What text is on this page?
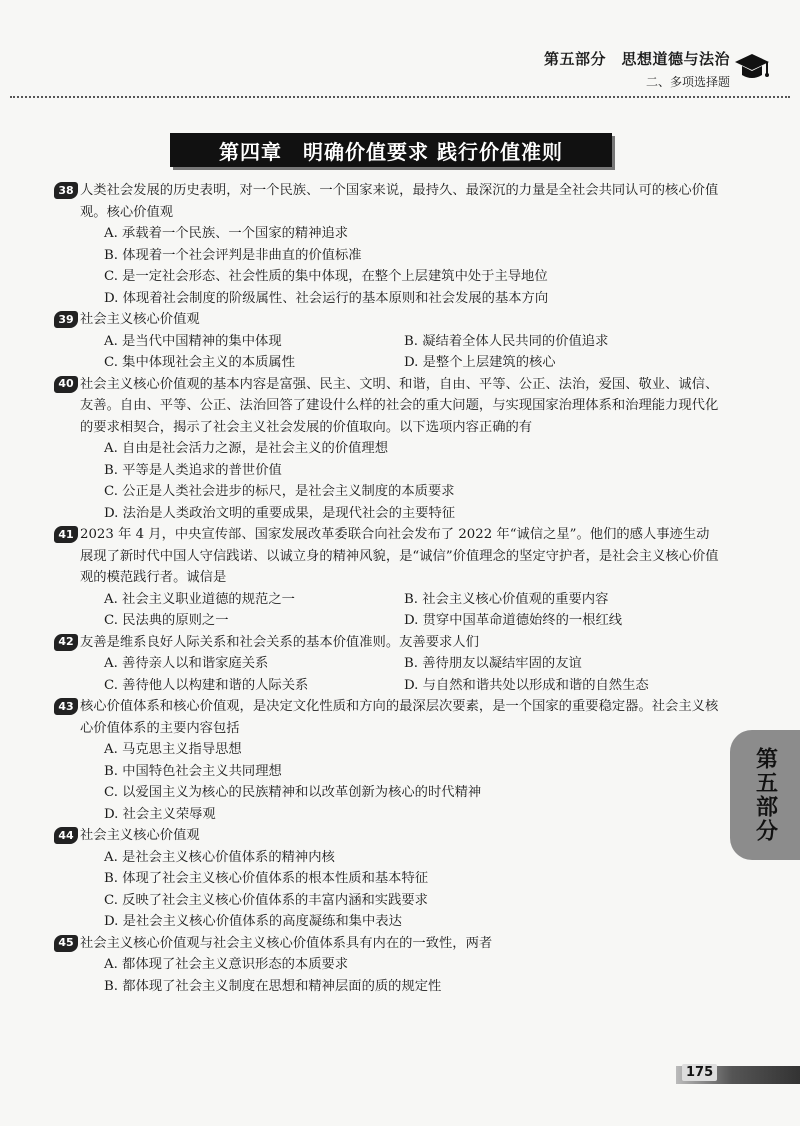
第五部分　思想道德与法治
二、多项选择题
第四章　明确价值要求 践行价值准则
38 人类社会发展的历史表明，对一个民族、一个国家来说，最持久、最深沉的力量是全社会共同认可的核心价值观。核心价值观
A. 承载着一个民族、一个国家的精神追求
B. 体现着一个社会评判是非曲直的价值标准
C. 是一定社会形态、社会性质的集中体现，在整个上层建筑中处于主导地位
D. 体现着社会制度的阶级属性、社会运行的基本原则和社会发展的基本方向
39 社会主义核心价值观
A. 是当代中国精神的集中体现	B. 凝结着全体人民共同的价值追求
C. 集中体现社会主义的本质属性	D. 是整个上层建筑的核心
40 社会主义核心价值观的基本内容是富强、民主、文明、和谐，自由、平等、公正、法治，爱国、敬业、诚信、友善。自由、平等、公正、法治回答了建设什么样的社会的重大问题，与实现国家治理体系和治理能力现代化的要求相契合，揭示了社会主义社会发展的价值取向。以下选项内容正确的有
A. 自由是社会活力之源，是社会主义的价值理想
B. 平等是人类追求的普世价值
C. 公正是人类社会进步的标尺，是社会主义制度的本质要求
D. 法治是人类政治文明的重要成果，是现代社会的主要特征
41 2023 年 4 月，中央宣传部、国家发展改革委联合向社会发布了 2022 年“诚信之星”。他们的感人事迹生动展现了新时代中国人守信践诺、以诚立身的精神风貌，是“诚信”价值理念的坚定守护者，是社会主义核心价值观的模范践行者。诚信是
A. 社会主义职业道德的规范之一	B. 社会主义核心价值观的重要内容
C. 民法典的原则之一	D. 贯穿中国革命道德始终的一根红线
42 友善是维系良好人际关系和社会关系的基本价值准则。友善要求人们
A. 善待亲人以和谐家庭关系	B. 善待朋友以凝结牢固的友谊
C. 善待他人以构建和谐的人际关系	D. 与自然和谐共处以形成和谐的自然生态
43 核心价值体系和核心价值观，是决定文化性质和方向的最深层次要素，是一个国家的重要稳定器。社会主义核心价值体系的主要内容包括
A. 马克思主义指导思想
B. 中国特色社会主义共同理想
C. 以爱国主义为核心的民族精神和以改革创新为核心的时代精神
D. 社会主义荣辱观
44 社会主义核心价值观
A. 是社会主义核心价值体系的精神内核
B. 体现了社会主义核心价值体系的根本性质和基本特征
C. 反映了社会主义核心价值体系的丰富内涵和实践要求
D. 是社会主义核心价值体系的高度凝练和集中表达
45 社会主义核心价值观与社会主义核心价值体系具有内在的一致性，两者
A. 都体现了社会主义意识形态的本质要求
B. 都体现了社会主义制度在思想和精神层面的质的规定性
第五部分
175
